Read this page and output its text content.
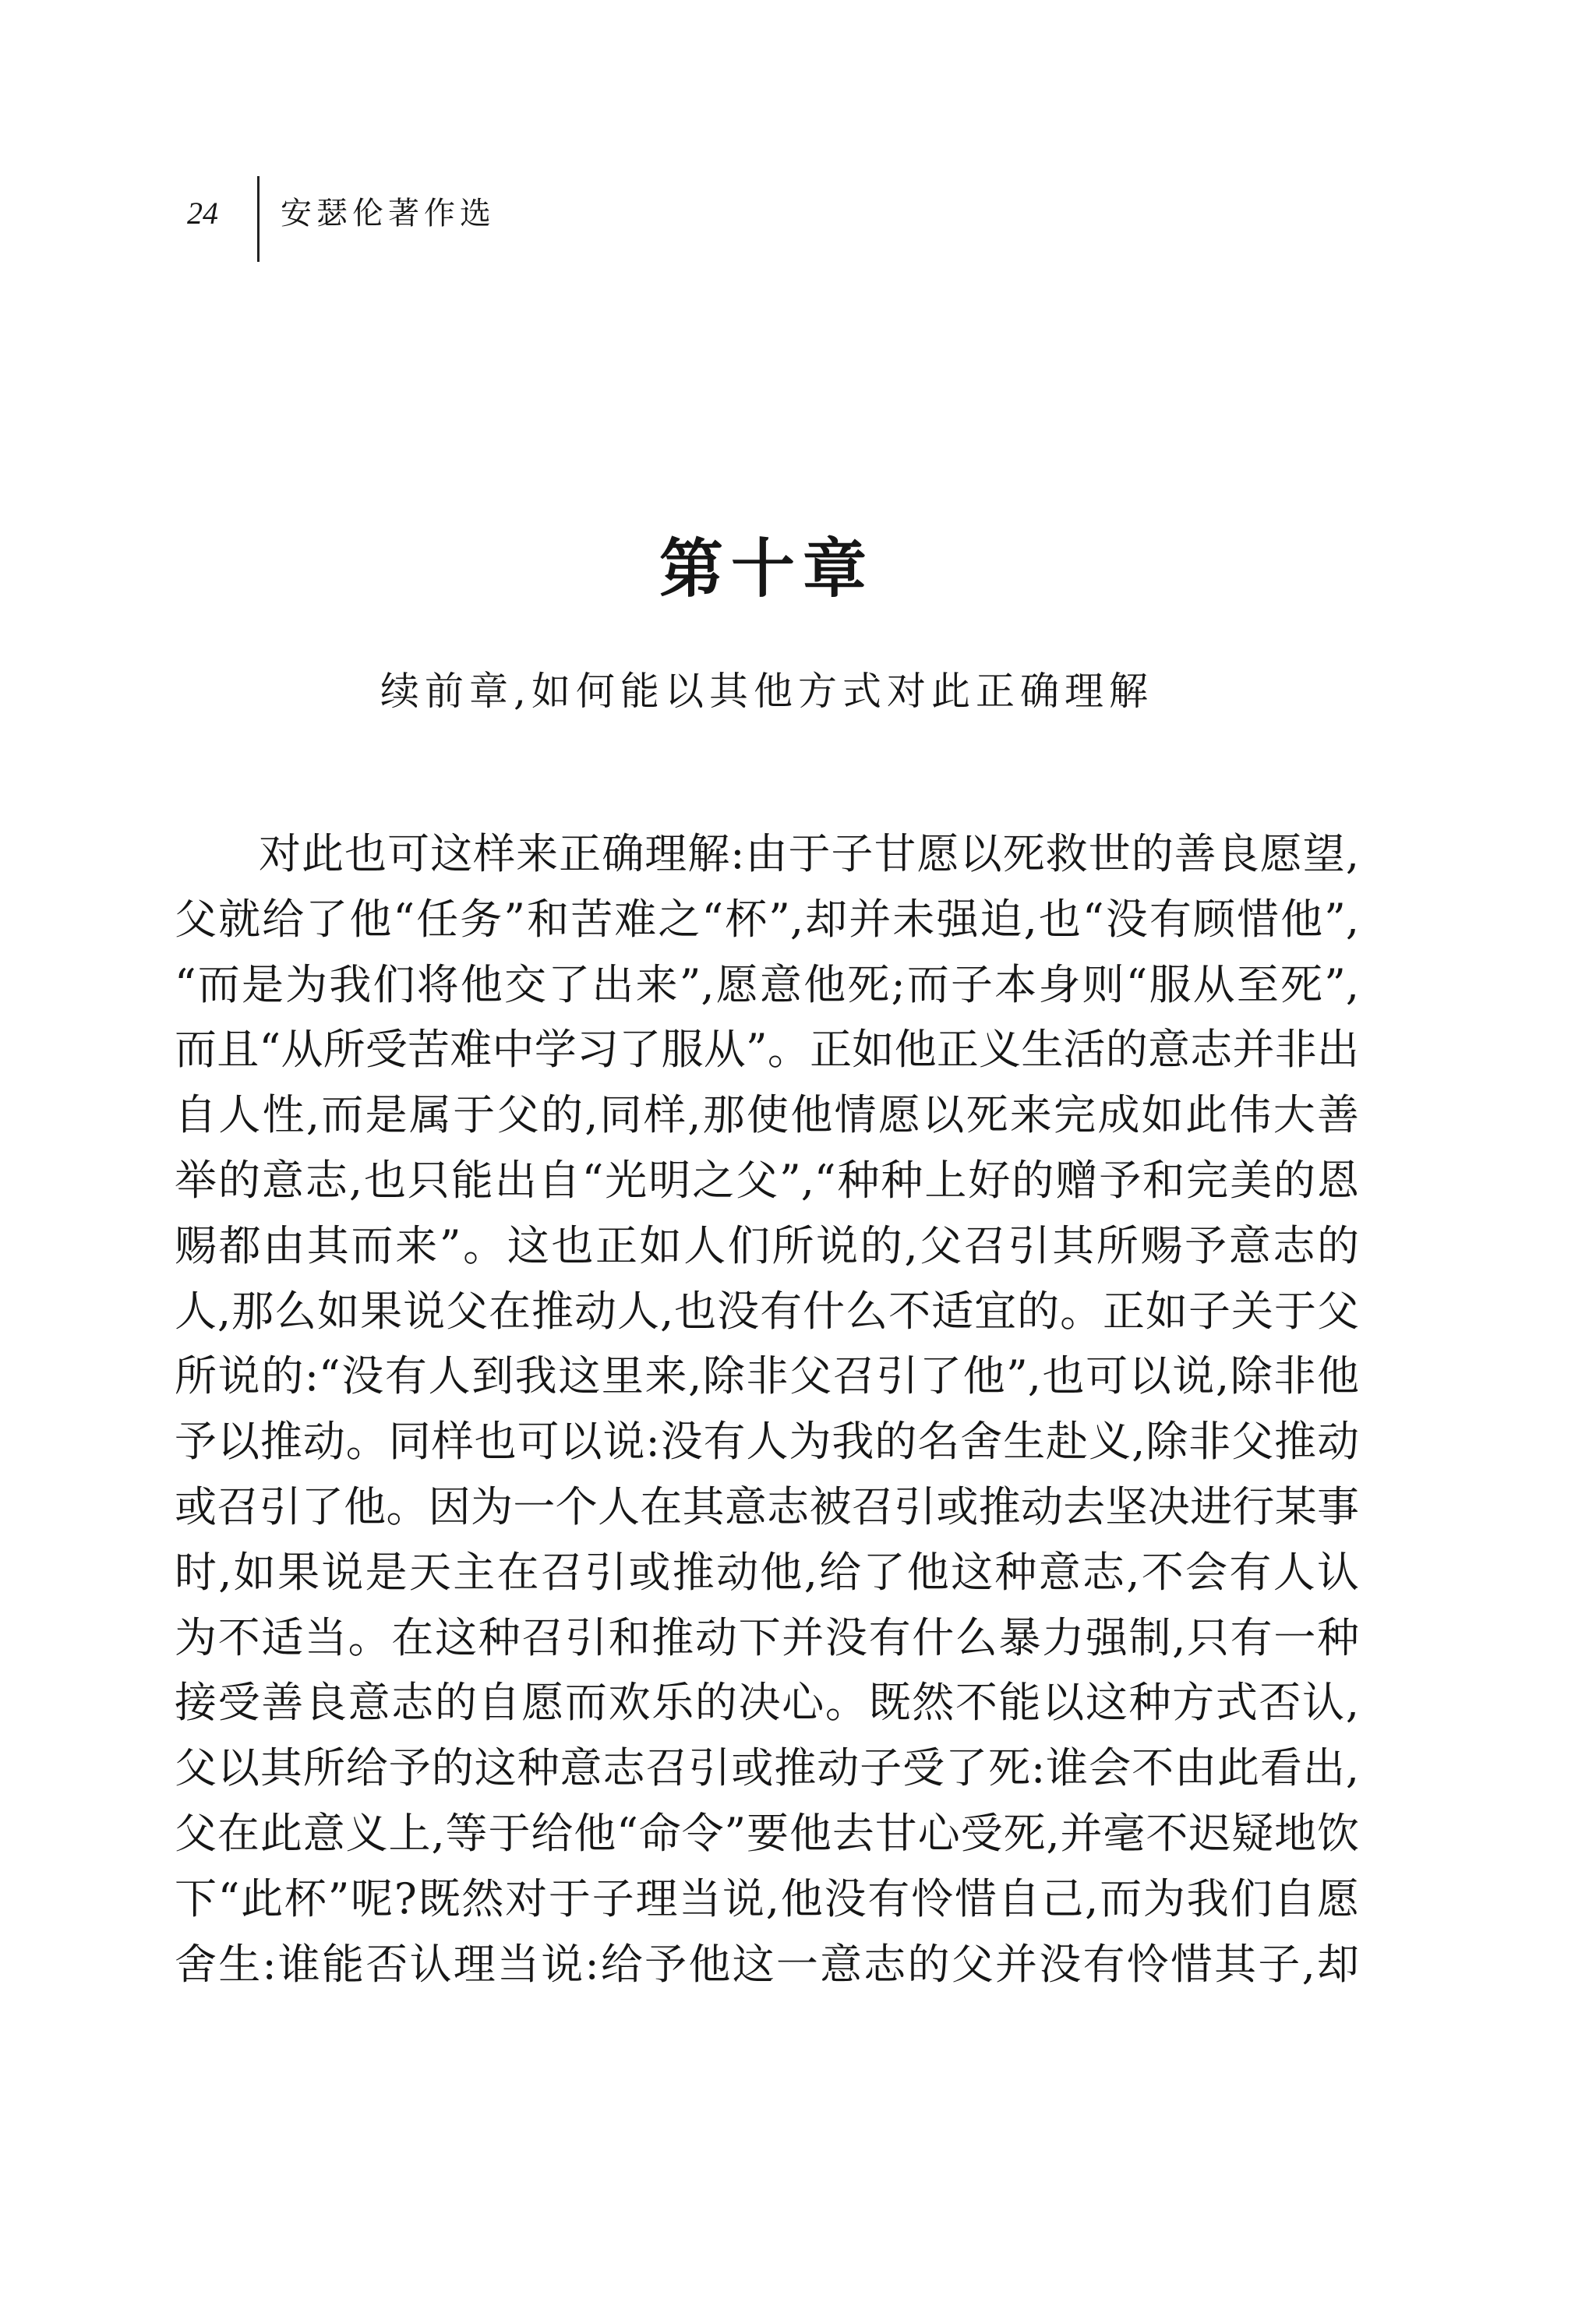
24 安瑟伦著作选
第十章
续前章,如何能以其他方式对此正确理解
对此也可这样来正确理解:由于子甘愿以死救世的善良愿望,
父就给了他“任务”和苦难之“杯”,却并未强迫,也“没有顾惜他”,
“而是为我们将他交了出来”,愿意他死;而子本身则“服从至死”,
而且“从所受苦难中学习了服从”。正如他正义生活的意志并非出
自人性,而是属于父的,同样,那使他情愿以死来完成如此伟大善
举的意志,也只能出自“光明之父”,“种种上好的赠予和完美的恩
赐都由其而来”。这也正如人们所说的,父召引其所赐予意志的
人,那么如果说父在推动人,也没有什么不适宜的。正如子关于父
所说的:“没有人到我这里来,除非父召引了他”,也可以说,除非他
予以推动。同样也可以说:没有人为我的名舍生赴义,除非父推动
或召引了他。因为一个人在其意志被召引或推动去坚决进行某事
时,如果说是天主在召引或推动他,给了他这种意志,不会有人认
为不适当。在这种召引和推动下并没有什么暴力强制,只有一种
接受善良意志的自愿而欢乐的决心。既然不能以这种方式否认,
父以其所给予的这种意志召引或推动子受了死:谁会不由此看出,
父在此意义上,等于给他“命令”要他去甘心受死,并毫不迟疑地饮
下“此杯”呢?既然对于子理当说,他没有怜惜自己,而为我们自愿
舍生:谁能否认理当说:给予他这一意志的父并没有怜惜其子,却
